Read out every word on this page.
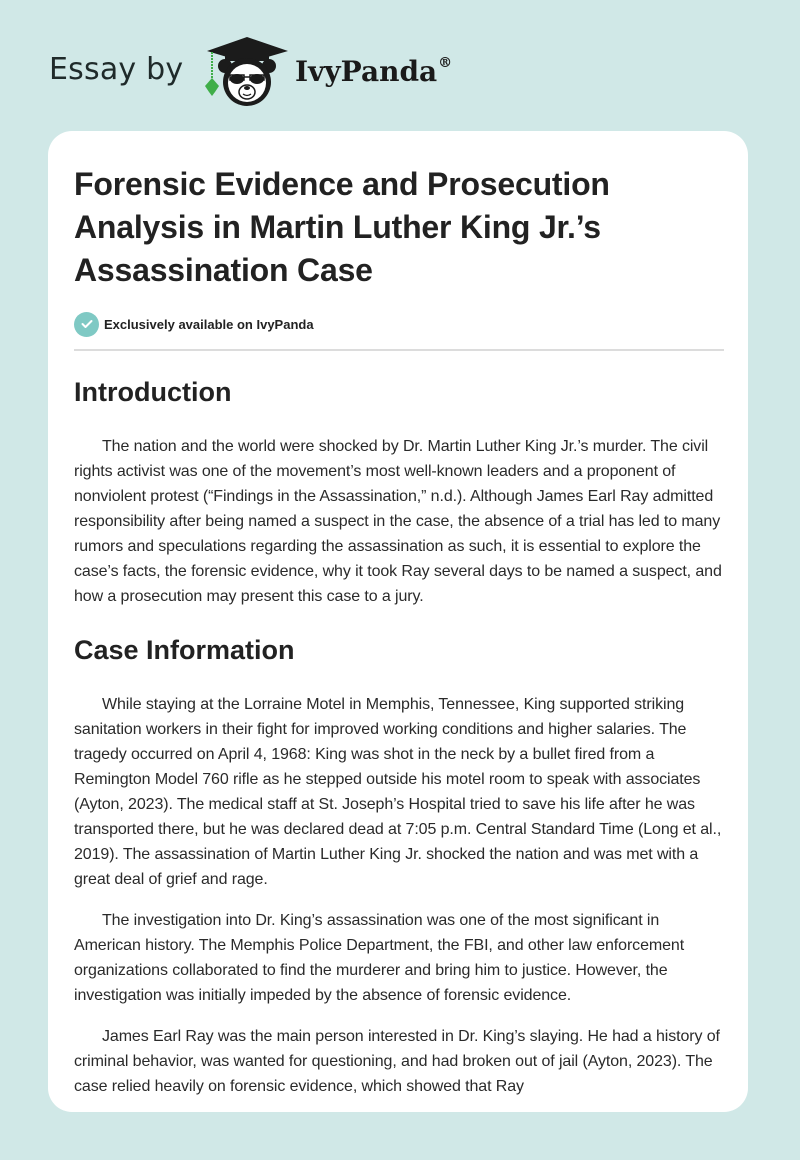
Essay by	IvyPanda®
Forensic Evidence and Prosecution Analysis in Martin Luther King Jr.’s Assassination Case
Exclusively available on IvyPanda
Introduction

The nation and the world were shocked by Dr. Martin Luther King Jr.’s murder. The civil rights activist was one of the movement’s most well-known leaders and a proponent of nonviolent protest (“Findings in the Assassination,” n.d.). Although James Earl Ray admitted responsibility after being named a suspect in the case, the absence of a trial has led to many rumors and speculations regarding the assassination as such, it is essential to explore the case’s facts, the forensic evidence, why it took Ray several days to be named a suspect, and how a prosecution may present this case to a jury.

Case Information

While staying at the Lorraine Motel in Memphis, Tennessee, King supported striking sanitation workers in their fight for improved working conditions and higher salaries. The tragedy occurred on April 4, 1968: King was shot in the neck by a bullet fired from a Remington Model 760 rifle as he stepped outside his motel room to speak with associates (Ayton, 2023). The medical staff at St. Joseph’s Hospital tried to save his life after he was transported there, but he was declared dead at 7:05 p.m. Central Standard Time (Long et al., 2019). The assassination of Martin Luther King Jr. shocked the nation and was met with a great deal of grief and rage.

The investigation into Dr. King’s assassination was one of the most significant in American history. The Memphis Police Department, the FBI, and other law enforcement organizations collaborated to find the murderer and bring him to justice. However, the investigation was initially impeded by the absence of forensic evidence.

James Earl Ray was the main person interested in Dr. King’s slaying. He had a history of criminal behavior, was wanted for questioning, and had broken out of jail (Ayton, 2023). The case relied heavily on forensic evidence, which showed that Ray
